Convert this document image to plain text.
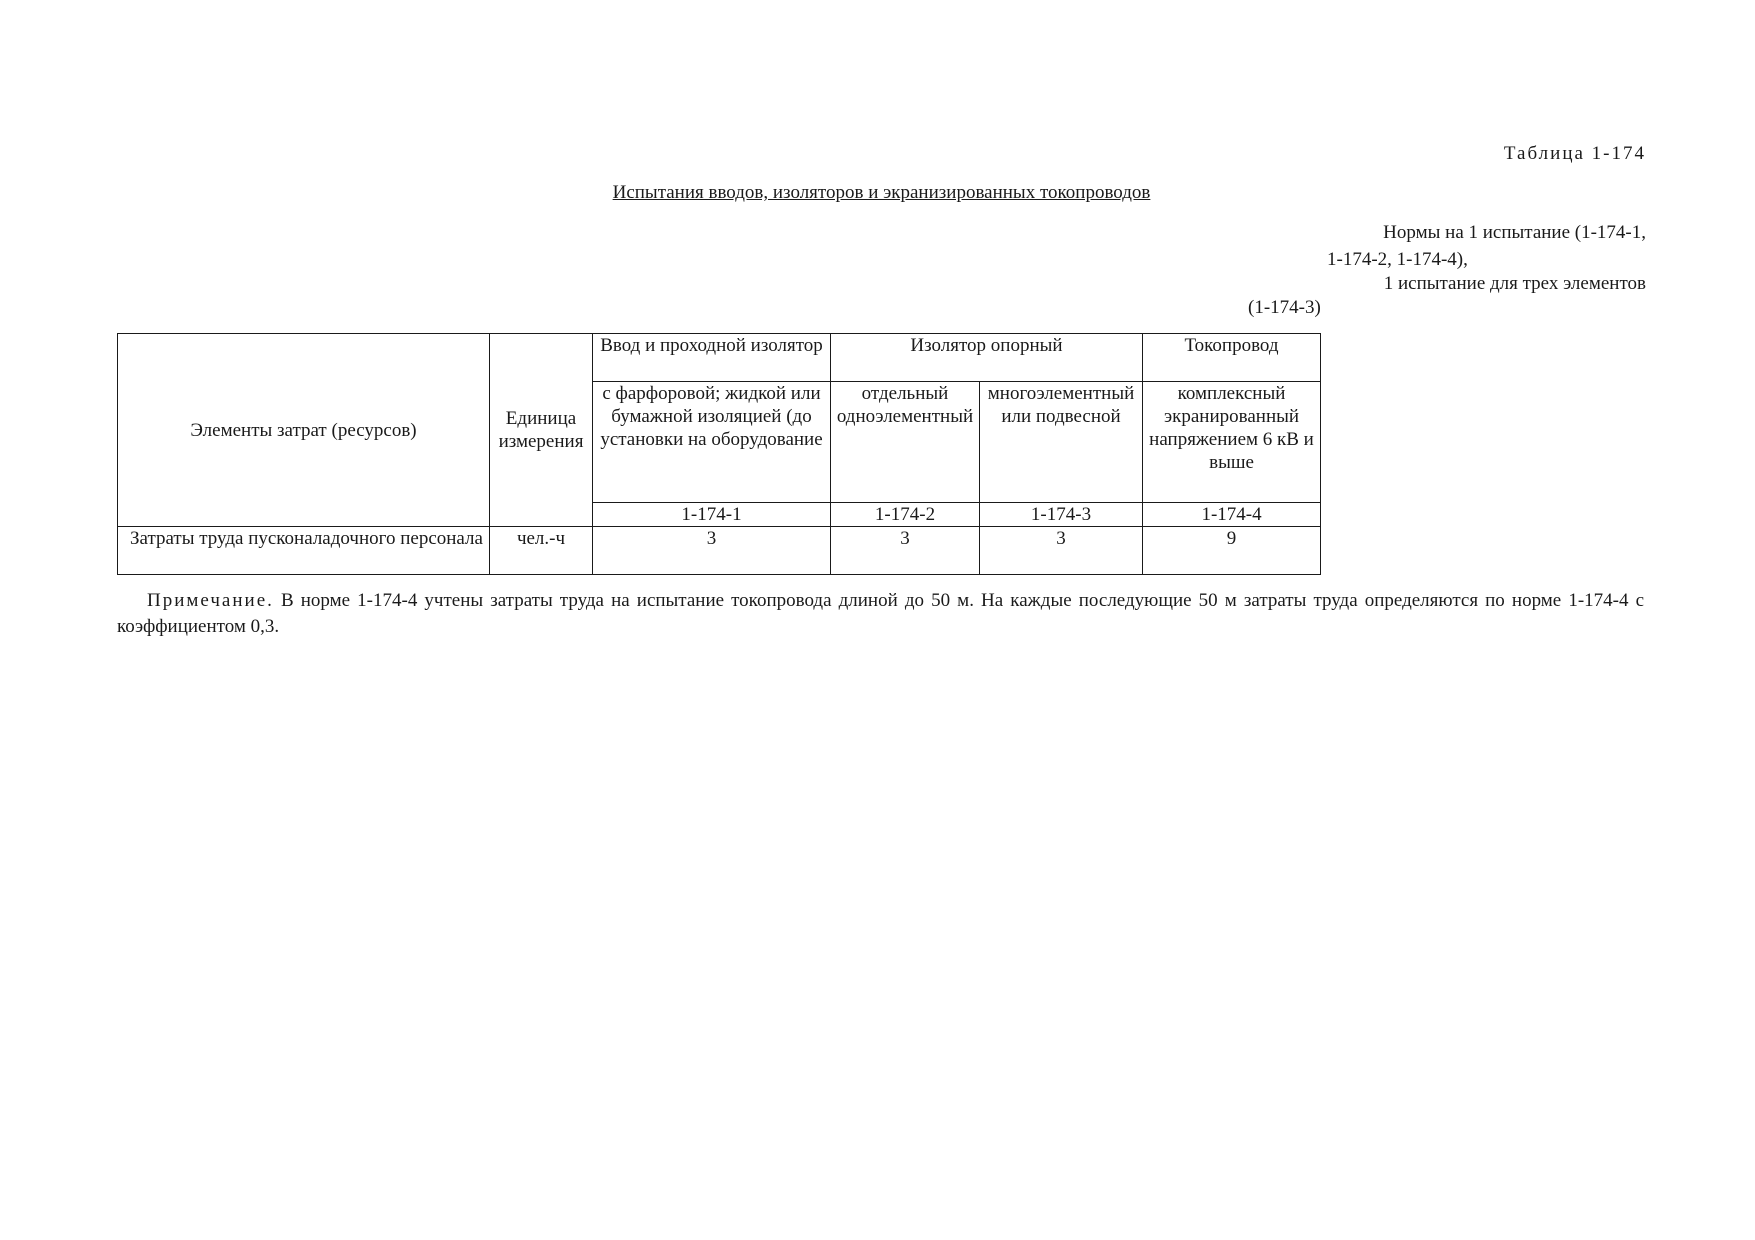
Таблица 1-174
Испытания вводов, изоляторов и экранизированных токопроводов
Нормы на 1 испытание (1-174-1,
1-174-2, 1-174-4),
1 испытание для трех элементов
(1-174-3)
Элементы затрат (ресурсов)	Единица измерения	Ввод и проходной изолятор	Изолятор опорный		Токопровод
		с фарфоровой; жидкой или бумажной изоляцией (до установки на оборудование	отдельный одноэлементный	многоэлементный или подвесной	комплексный экранированный напряжением 6 кВ и выше
		1-174-1	1-174-2	1-174-3	1-174-4
Затраты труда пусконаладочного персонала	чел.-ч	3	3	3	9
Примечание. В норме 1-174-4 учтены затраты труда на испытание токопровода длиной до 50 м. На каждые последующие 50 м затраты труда определяются по норме 1-174-4 с коэффициентом 0,3.
